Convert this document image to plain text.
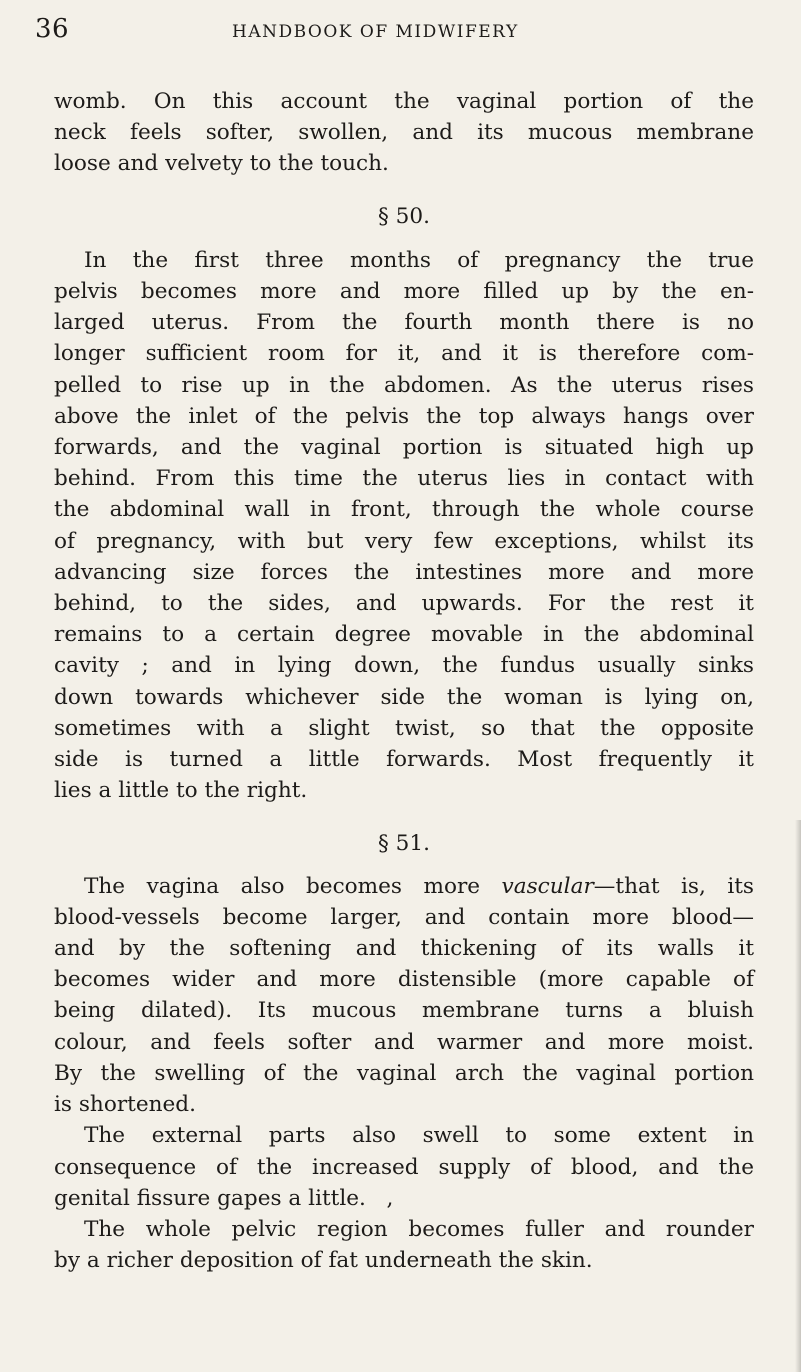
36	HANDBOOK OF MIDWIFERY
womb. On this account the vaginal portion of the
neck feels softer, swollen, and its mucous membrane
loose and velvety to the touch.
§ 50.
In the first three months of pregnancy the true
pelvis becomes more and more filled up by the en-
larged uterus. From the fourth month there is no
longer sufficient room for it, and it is therefore com-
pelled to rise up in the abdomen. As the uterus rises
above the inlet of the pelvis the top always hangs over
forwards, and the vaginal portion is situated high up
behind. From this time the uterus lies in contact with
the abdominal wall in front, through the whole course
of pregnancy, with but very few exceptions, whilst its
advancing size forces the intestines more and more
behind, to the sides, and upwards. For the rest it
remains to a certain degree movable in the abdominal
cavity ; and in lying down, the fundus usually sinks
down towards whichever side the woman is lying on,
sometimes with a slight twist, so that the opposite
side is turned a little forwards. Most frequently it
lies a little to the right.
§ 51.
The vagina also becomes more vascular—that is, its
blood-vessels become larger, and contain more blood—
and by the softening and thickening of its walls it
becomes wider and more distensible (more capable of
being dilated). Its mucous membrane turns a bluish
colour, and feels softer and warmer and more moist.
By the swelling of the vaginal arch the vaginal portion
is shortened.
The external parts also swell to some extent in
consequence of the increased supply of blood, and the
genital fissure gapes a little.   ,
The whole pelvic region becomes fuller and rounder
by a richer deposition of fat underneath the skin.
